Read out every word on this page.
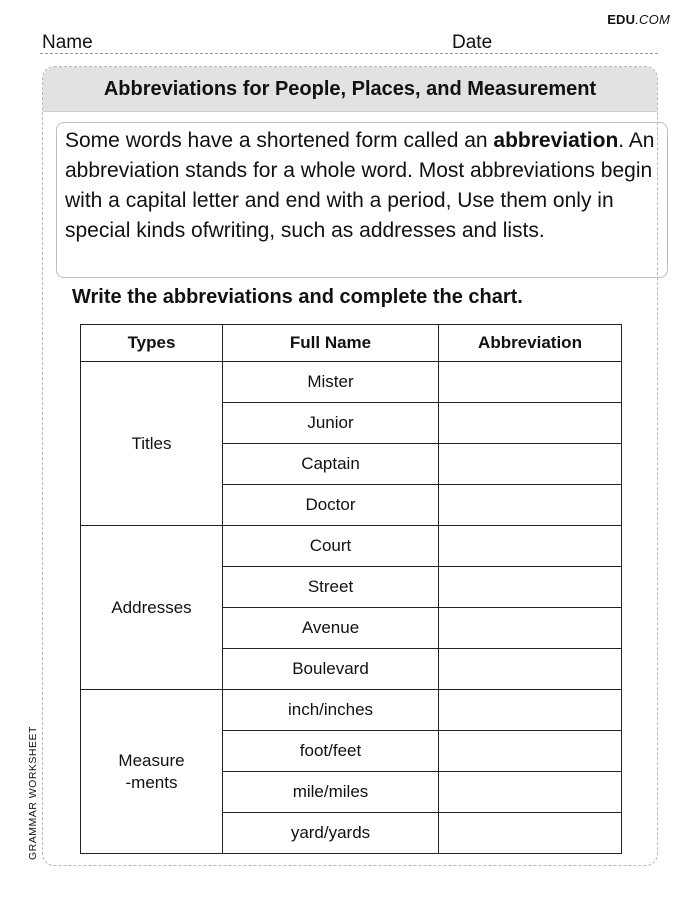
EDU.COM
Name	Date
Abbreviations for People, Places, and Measurement
Some words have a shortened form called an abbreviation. An abbreviation stands for a whole word. Most abbreviations begin with a capital letter and end with a period, Use them only in special kinds ofwriting, such as addresses and lists.
Write the abbreviations and complete the chart.
Types	Full Name	Abbreviation
Titles	Mister	
	Junior	
	Captain	
	Doctor	
Addresses	Court	
	Street	
	Avenue	
	Boulevard	
Measure
-ments	inch/inches	
	foot/feet	
	mile/miles	
	yard/yards	
GRAMMAR WORKSHEET
